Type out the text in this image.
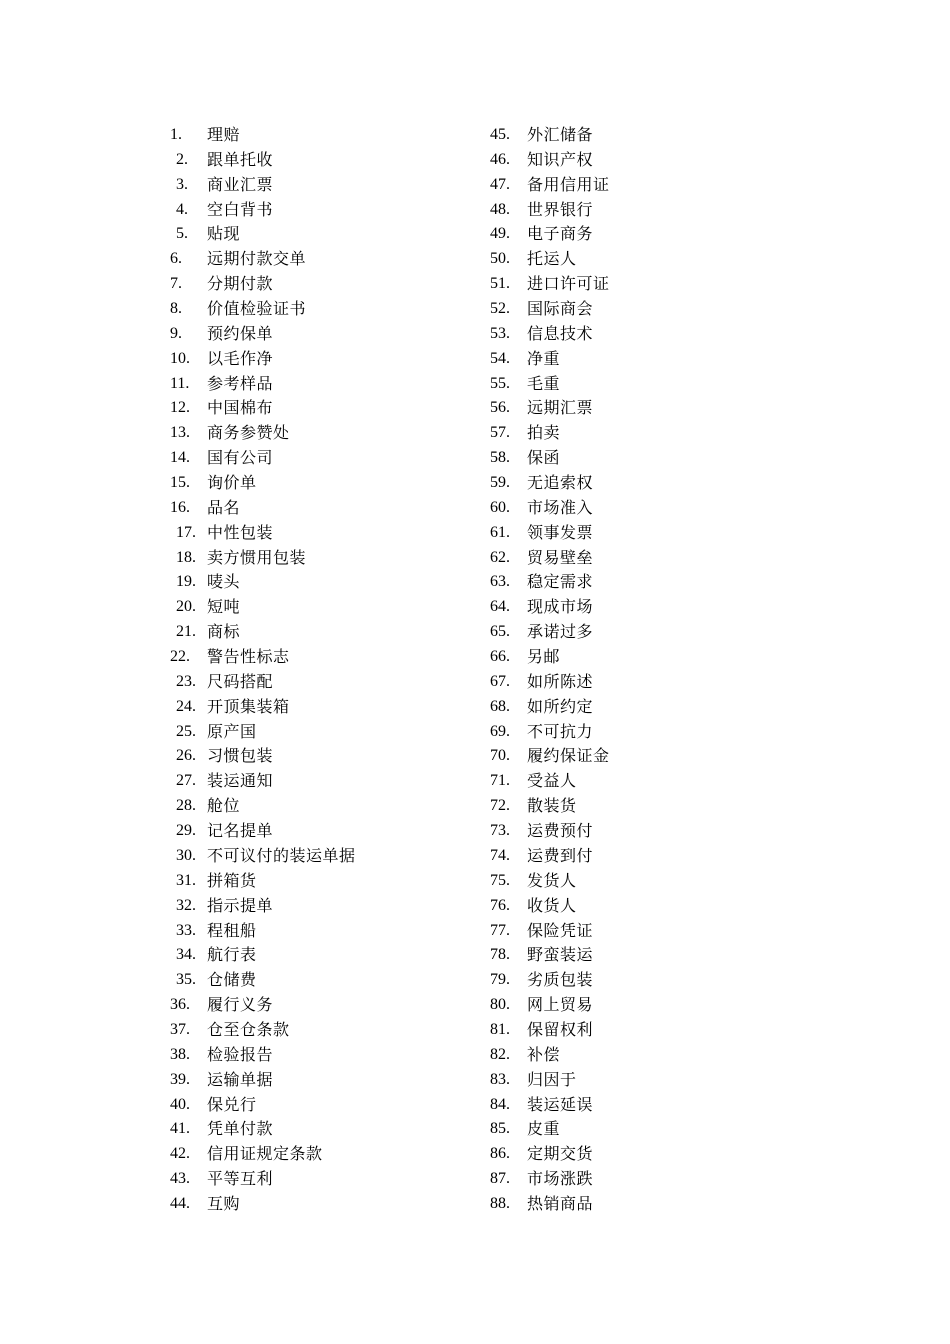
1.	理赔
2.	跟单托收
3.	商业汇票
4.	空白背书
5.	贴现
6.	远期付款交单
7.	分期付款
8.	价值检验证书
9.	预约保单
10.	以毛作净
11.	参考样品
12.	中国棉布
13.	商务参赞处
14.	国有公司
15.	询价单
16.	品名
17. 中性包装
18. 卖方惯用包装
19. 唛头
20. 短吨
21. 商标
22.	警告性标志
23. 尺码搭配
24. 开顶集装箱
25. 原产国
26. 习惯包装
27. 装运通知
28. 舱位
29. 记名提单
30. 不可议付的装运单据
31. 拼箱货
32. 指示提单
33. 程租船
34. 航行表
35. 仓储费
36.	履行义务
37.	仓至仓条款
38.	检验报告
39.	运输单据
40.	保兑行
41.	凭单付款
42.	信用证规定条款
43.	平等互利
44.	互购
45.	外汇储备
46.	知识产权
47.	备用信用证
48.	世界银行
49.	电子商务
50.	托运人
51.	进口许可证
52.	国际商会
53.	信息技术
54.	净重
55.	毛重
56.	远期汇票
57.	拍卖
58.	保函
59.	无追索权
60.	市场准入
61.	领事发票
62.	贸易壁垒
63.	稳定需求
64.	现成市场
65.	承诺过多
66.	另邮
67.	如所陈述
68.	如所约定
69.	不可抗力
70.	履约保证金
71.	受益人
72.	散装货
73.	运费预付
74.	运费到付
75.	发货人
76.	收货人
77.	保险凭证
78.	野蛮装运
79.	劣质包装
80.	网上贸易
81.	保留权利
82.	补偿
83.	归因于
84.	装运延误
85.	皮重
86.	定期交货
87.	市场涨跌
88.	热销商品
